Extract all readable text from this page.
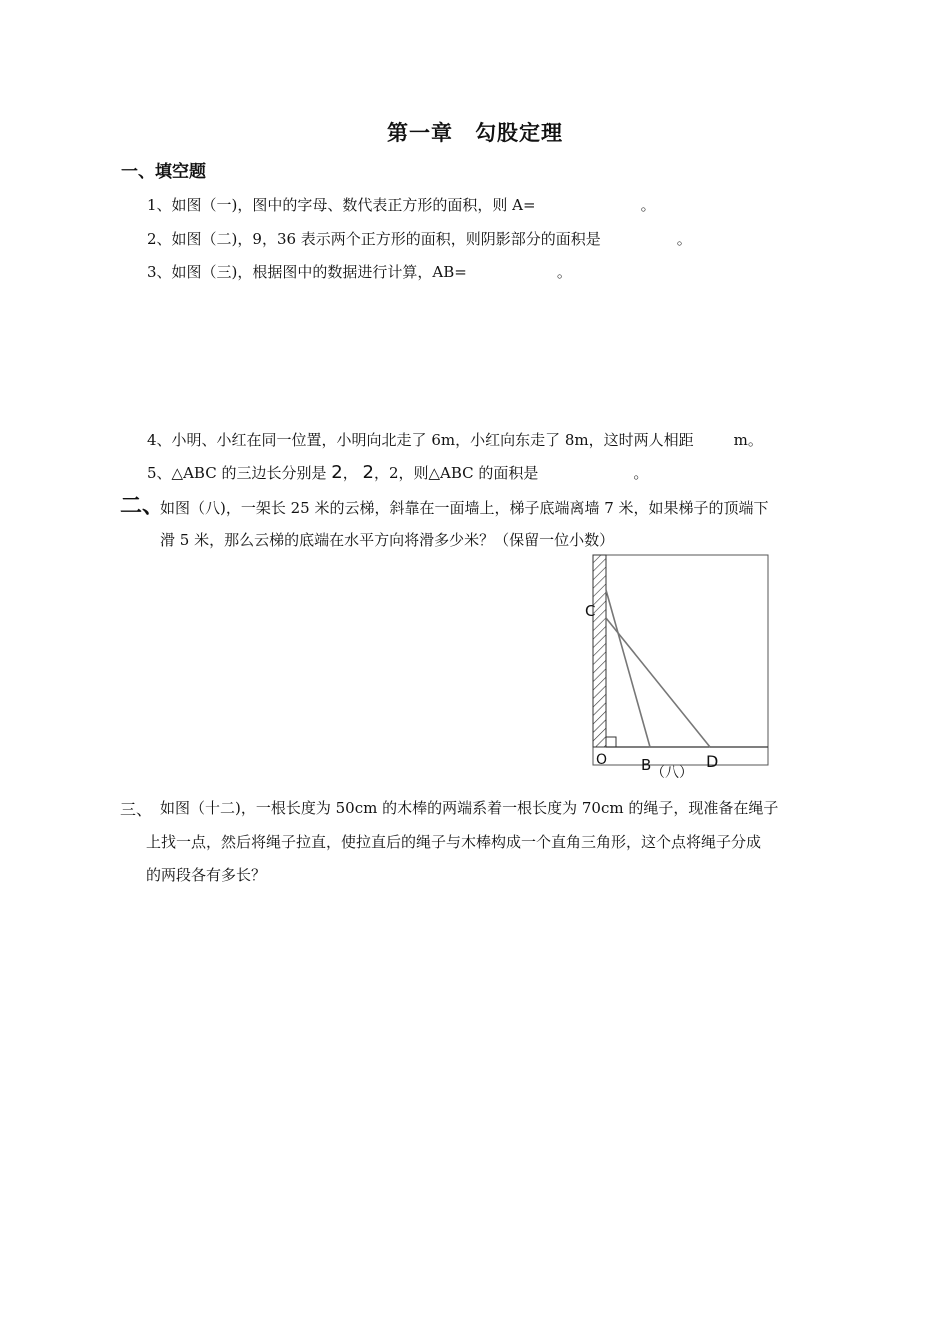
第一章　勾股定理
一、填空题
1、如图（一)，图中的字母、数代表正方形的面积，则 A=	。
2、如图（二)，9，36 表示两个正方形的面积，则阴影部分的面积是	。
3、如图（三)，根据图中的数据进行计算，AB=	。
4、小明、小红在同一位置，小明向北走了 6m，小红向东走了 8m，这时两人相距	m。
5、△ABC 的三边长分别是 2， 2，2，则△ABC 的面积是	。
二、
如图（八)，一架长 25 米的云梯，斜靠在一面墙上，梯子底端离墙 7 米，如果梯子的顶端下
滑 5 米，那么云梯的底端在水平方向将滑多少米？（保留一位小数）
C
O B	D
（八）
三、 如图（十二)，一根长度为 50cm 的木棒的两端系着一根长度为 70cm 的绳子，现准备在绳子
上找一点，然后将绳子拉直，使拉直后的绳子与木棒构成一个直角三角形，这个点将绳子分成
的两段各有多长？
